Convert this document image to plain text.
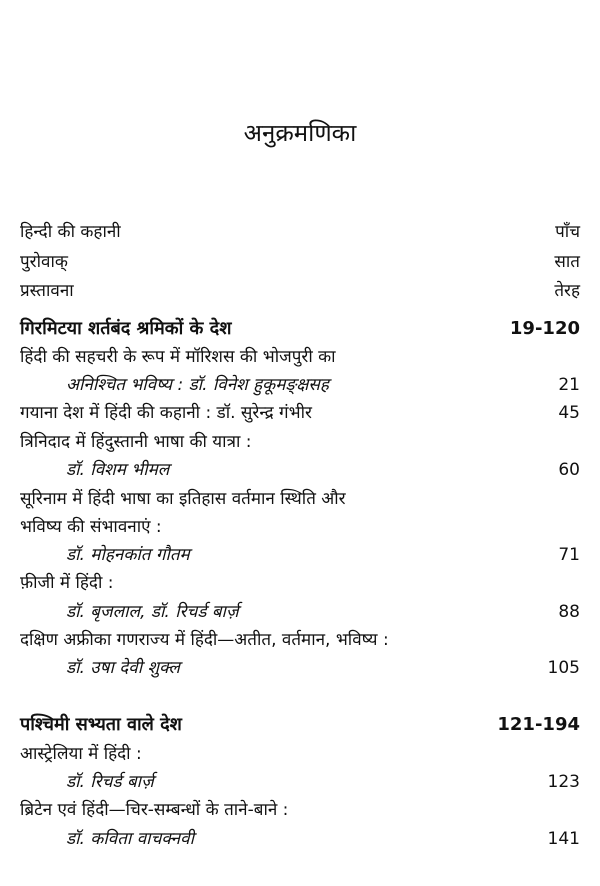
अनुक्रमणिका
हिन्दी की कहानी	पाँच
पुरोवाक्	सात
प्रस्तावना	तेरह
गिरमिटया शर्तबंद श्रमिकों के देश	19-120
हिंदी की सहचरी के रूप में मॉरिशस की भोजपुरी का
अनिश्चित भविष्य : डॉ. विनेश हुकूमङ्क्षसह	21
गयाना देश में हिंदी की कहानी : डॉ. सुरेन्द्र गंभीर	45
त्रिनिदाद में हिंदुस्तानी भाषा की यात्रा :
डॉ. विशम भीमल	60
सूरिनाम में हिंदी भाषा का इतिहास वर्तमान स्थिति और
भविष्य की संभावनाएं :
डॉ. मोहनकांत गौतम	71
फ़ीजी में हिंदी :
डॉ. बृजलाल, डॉ. रिचर्ड बार्ज़	88
दक्षिण अफ्रीका गणराज्य में हिंदी—अतीत, वर्तमान, भविष्य :
डॉ. उषा देवी शुक्ल	105
पश्चिमी सभ्यता वाले देश	121-194
आस्ट्रेलिया में हिंदी :
डॉ. रिचर्ड बार्ज़	123
ब्रिटेन एवं हिंदी—चिर-सम्बन्धों के ताने-बाने :
डॉ. कविता वाचक्नवी	141
